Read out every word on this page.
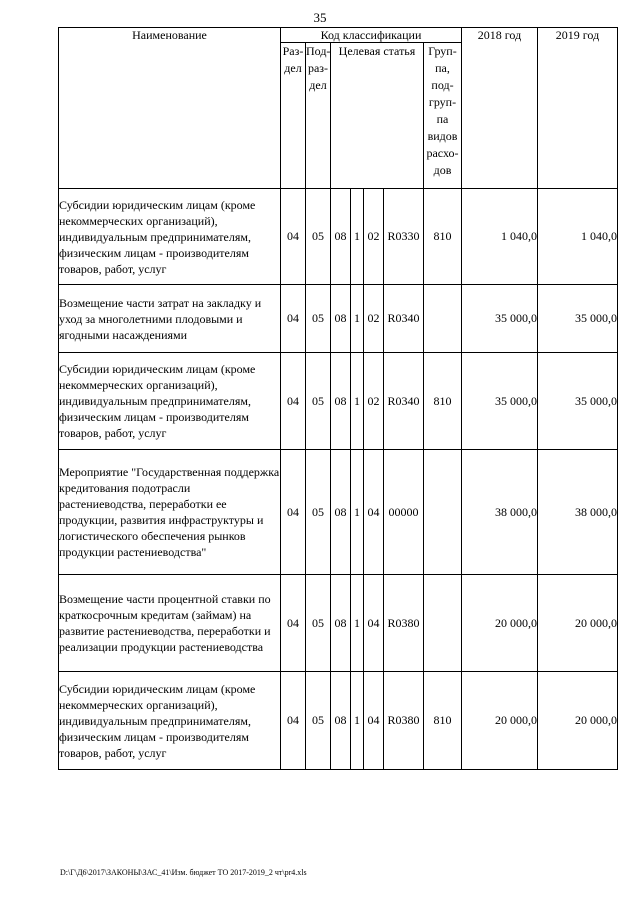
35
Наименование	Код классификации							2018 год	2019 год
	Раз-дел	Под-раз-дел	Целевая статья				Груп-па, под-груп-па видов расхо-дов		
Субсидии юридическим лицам (кроме некоммерческих организаций), индивидуальным предпринимателям, физическим лицам - производителям товаров, работ, услуг	04	05	08	1	02	R0330	810	1 040,0	1 040,0
Возмещение части затрат на закладку и уход за многолетними плодовыми и ягодными насаждениями	04	05	08	1	02	R0340		35 000,0	35 000,0
Субсидии юридическим лицам (кроме некоммерческих организаций), индивидуальным предпринимателям, физическим лицам - производителям товаров, работ, услуг	04	05	08	1	02	R0340	810	35 000,0	35 000,0
Мероприятие "Государственная поддержка кредитования подотрасли растениеводства, переработки ее продукции, развития инфраструктуры и логистического обеспечения рынков продукции растениеводства"	04	05	08	1	04	00000		38 000,0	38 000,0
Возмещение части процентной ставки по краткосрочным кредитам (займам) на развитие растениеводства, переработки и реализации продукции растениеводства	04	05	08	1	04	R0380		20 000,0	20 000,0
Субсидии юридическим лицам (кроме некоммерческих организаций), индивидуальным предпринимателям, физическим лицам - производителям товаров, работ, услуг	04	05	08	1	04	R0380	810	20 000,0	20 000,0
D:\Г\Д6\2017\ЗАКОНЫ\ЗАС_41\Изм. бюджет ТО 2017-2019_2 чт\pr4.xls
